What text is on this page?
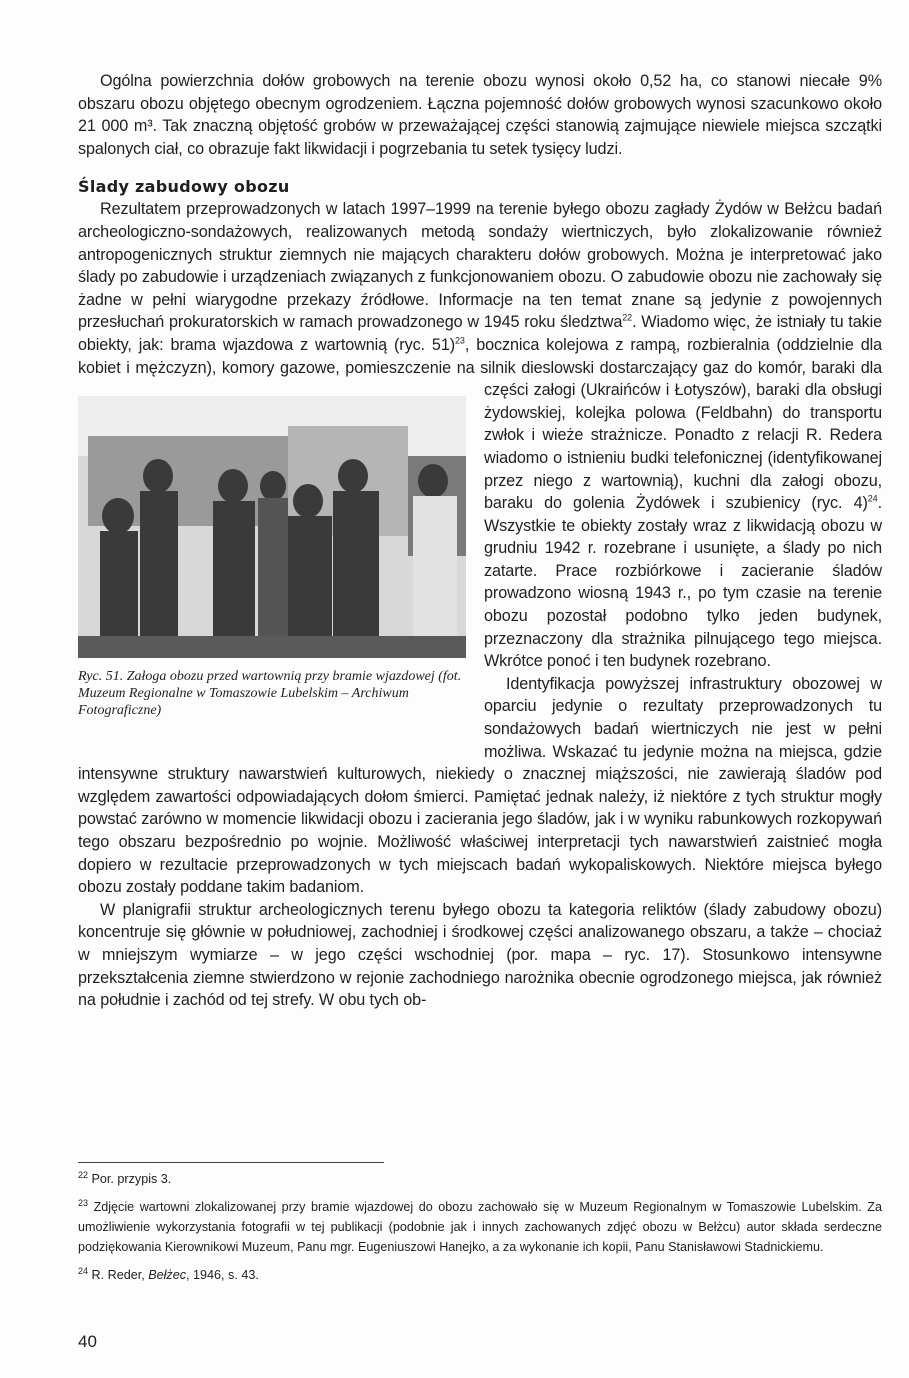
Ogólna powierzchnia dołów grobowych na terenie obozu wynosi około 0,52 ha, co stanowi niecałe 9% obszaru obozu objętego obecnym ogrodzeniem. Łączna pojemność dołów grobowych wynosi szacunkowo około 21 000 m³. Tak znaczną objętość grobów w przeważającej części stanowią zajmujące niewiele miejsca szczątki spalonych ciał, co obrazuje fakt likwidacji i pogrzebania tu setek tysięcy ludzi.

Ślady zabudowy obozu
Rezultatem przeprowadzonych w latach 1997–1999 na terenie byłego obozu zagłady Żydów w Bełżcu badań archeologiczno-sondażowych, realizowanych metodą sondaży wiertniczych, było zlokalizowanie również antropogenicznych struktur ziemnych nie mających charakteru dołów grobowych. Można je interpretować jako ślady po zabudowie i urządzeniach związanych z funkcjonowaniem obozu. O zabudowie obozu nie zachowały się żadne w pełni wiarygodne przekazy źródłowe. Informacje na ten temat znane są jedynie z powojennych przesłuchań prokuratorskich w ramach prowadzonego w 1945 roku śledztwa$^{22}$. Wiadomo więc, że istniały tu takie obiekty, jak: brama wjazdowa z wartownią (ryc. 51)$^{23}$, bocznica kolejowa z rampą, rozbieralnia (oddzielnie dla kobiet i mężczyzn), komory gazowe, pomieszczenie na silnik dieslowski dostarczający gaz do komór, baraki dla części załogi (Ukraińców i Łotyszów), baraki dla obsługi żydowskiej, kolejka polowa (Feldbahn) do transportu zwłok i wieże strażnicze. Ponadto z relacji R. Redera wiadomo o istnieniu budki telefonicznej (identyfikowanej przez niego z wartownią), kuchni dla załogi obozu, baraku do golenia Żydówek i szubienicy (ryc. 4)$^{24}$. Wszystkie te obiekty zostały wraz z likwidacją obozu w grudniu 1942 r. rozebrane i usunięte, a ślady po nich zatarte. Prace rozbiórkowe i zacieranie śladów prowadzono wiosną 1943 r., po tym czasie na terenie obozu pozostał podobno tylko jeden budynek, przeznaczony dla strażnika pilnującego tego miejsca. Wkrótce ponoć i ten budynek rozebrano.

Identyfikacja powyższej infrastruktury obozowej w oparciu jedynie o rezultaty przeprowadzonych tu sondażowych badań wiertniczych nie jest w pełni możliwa. Wskazać tu jedynie można na miejsca, gdzie intensywne struktury nawarstwień kulturowych, niekiedy o znacznej miąższości, nie zawierają śladów pod względem zawartości odpowiadających dołom śmierci. Pamiętać jednak należy, iż niektóre z tych struktur mogły powstać zarówno w momencie likwidacji obozu i zacierania jego śladów, jak i w wyniku rabunkowych rozkopywań tego obszaru bezpośrednio po wojnie. Możliwość właściwej interpretacji tych nawarstwień zaistnieć mogła dopiero w rezultacie przeprowadzonych w tych miejscach badań wykopaliskowych. Niektóre miejsca byłego obozu zostały poddane takim badaniom.

W planigrafii struktur archeologicznych terenu byłego obozu ta kategoria reliktów (ślady zabudowy obozu) koncentruje się głównie w południowej, zachodniej i środkowej części analizowanego obszaru, a także – chociaż w mniejszym wymiarze – w jego części wschodniej (por. mapa – ryc. 17). Stosunkowo intensywne przekształcenia ziemne stwierdzono w rejonie zachodniego narożnika obecnie ogrodzonego miejsca, jak również na południe i zachód od tej strefy. W obu tych ob-

Ryc. 51. Załoga obozu przed wartownią przy bramie wjazdowej (fot. Muzeum Regionalne w Tomaszowie Lubelskim – Archiwum Fotograficzne)
$^{22}$ Por. przypis 3.
$^{23}$ Zdjęcie wartowni zlokalizowanej przy bramie wjazdowej do obozu zachowało się w Muzeum Regionalnym w Tomaszowie Lubelskim. Za umożliwienie wykorzystania fotografii w tej publikacji (podobnie jak i innych zachowanych zdjęć obozu w Bełżcu) autor składa serdeczne podziękowania Kierownikowi Muzeum, Panu mgr. Eugeniuszowi Hanejko, a za wykonanie ich kopii, Panu Stanisławowi Stadnickiemu.
$^{24}$ R. Reder, Bełżec, 1946, s. 43.
40
